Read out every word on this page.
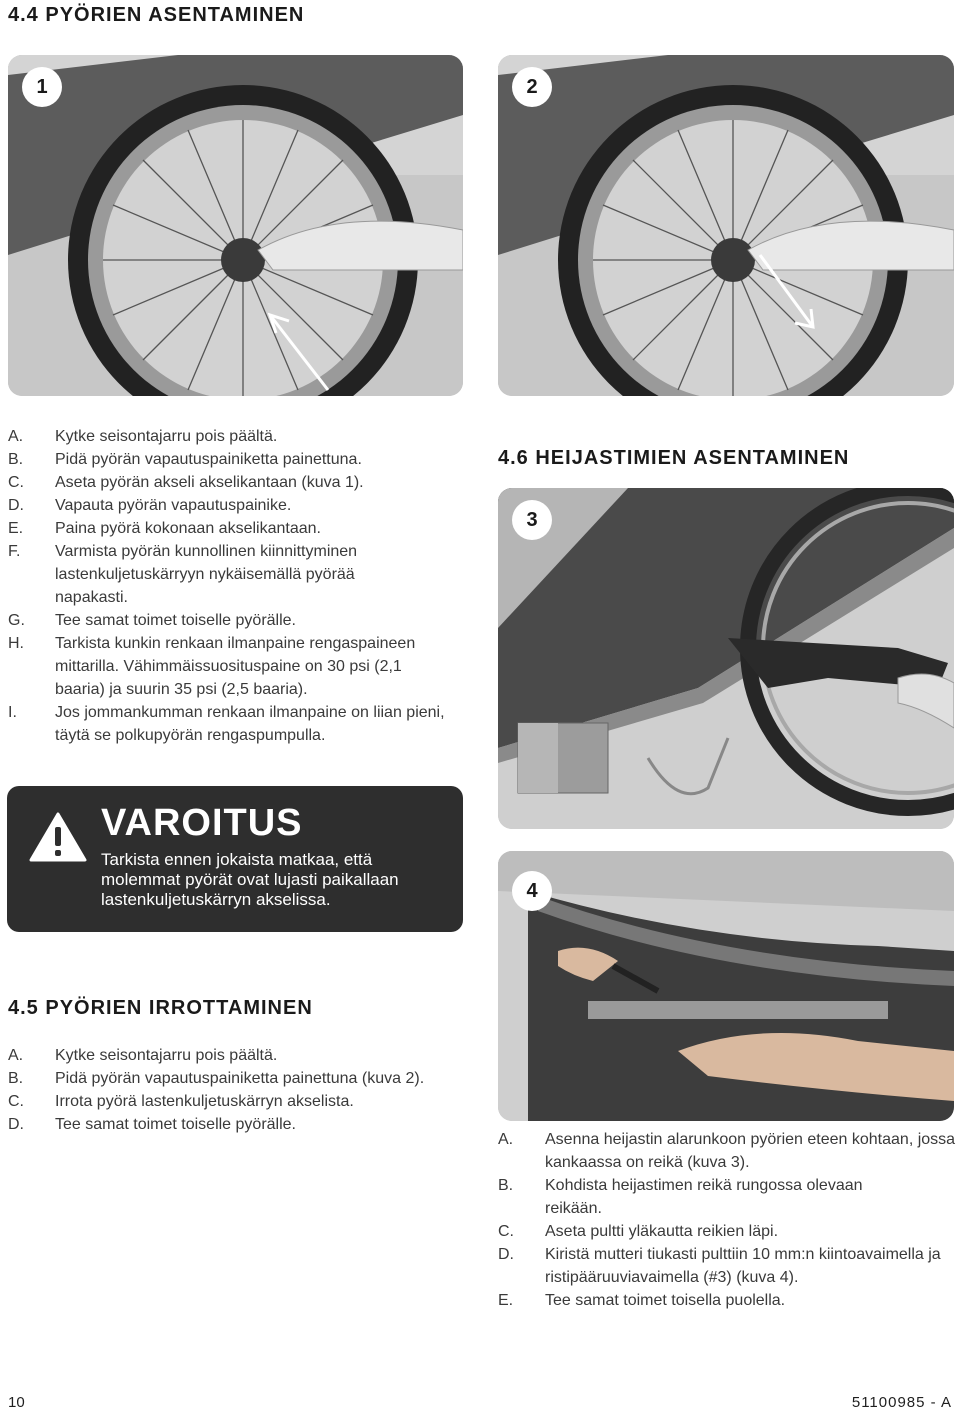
4.4 PYÖRIEN ASENTAMINEN
1	2
A.	Kytke seisontajarru pois päältä.
B.	Pidä pyörän vapautuspainiketta painettuna.
C.	Aseta pyörän akseli akselikantaan (kuva 1).
D.	Vapauta pyörän vapautuspainike.
E.	Paina pyörä kokonaan akselikantaan.
F.	Varmista pyörän kunnollinen kiinnittyminen lastenkuljetuskärryyn nykäisemällä pyörää napakasti.
G.	Tee samat toimet toiselle pyörälle.
H.	Tarkista kunkin renkaan ilmanpaine rengaspaineen mittarilla. Vähimmäissuosituspaine on 30 psi (2,1 baaria) ja suurin 35 psi (2,5 baaria).
I.	Jos jommankumman renkaan ilmanpaine on liian pieni, täytä se polkupyörän rengaspumpulla.
VAROITUS
Tarkista ennen jokaista matkaa, että molemmat pyörät ovat lujasti paikallaan lastenkuljetuskärryn akselissa.
4.5 PYÖRIEN IRROTTAMINEN
A.	Kytke seisontajarru pois päältä.
B.	Pidä pyörän vapautuspainiketta painettuna (kuva 2).
C.	Irrota pyörä lastenkuljetuskärryn akselista.
D.	Tee samat toimet toiselle pyörälle.
4.6 HEIJASTIMIEN ASENTAMINEN
3
4
A.	Asenna heijastin alarunkoon pyörien eteen kohtaan, jossa kankaassa on reikä (kuva 3).
B.	Kohdista heijastimen reikä rungossa olevaan reikään.
C.	Aseta pultti yläkautta reikien läpi.
D.	Kiristä mutteri tiukasti pulttiin 10 mm:n kiintoavaimella ja ristipääruuviavaimella (#3) (kuva 4).
E.	Tee samat toimet toisella puolella.
10	51100985 - A
